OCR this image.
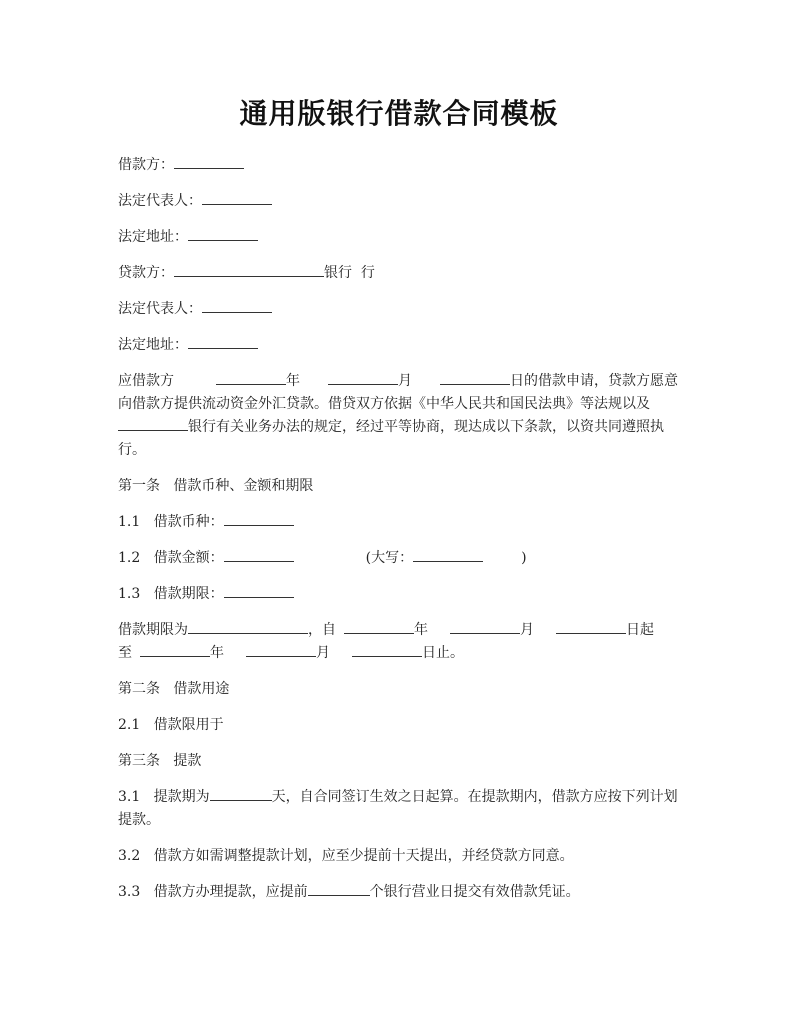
通用版银行借款合同模板
借款方：
法定代表人：
法定地址：
贷款方：	银行  行
法定代表人：
法定地址：
应借款方	年	月	日的借款申请，贷款方愿意向借款方提供流动资金外汇贷款。借贷双方依据《中华人民共和国民法典》等法规以及银行有关业务办法的规定，经过平等协商，现达成以下条款，以资共同遵照执行。
第一条   借款币种、金额和期限
1.1   借款币种：
1.2   借款金额：	(大写：	)
1.3   借款期限：
借款期限为	，自	年	月	日起
至	年	月	日止。
第二条   借款用途
2.1   借款限用于
第三条   提款
3.1   提款期为	天，自合同签订生效之日起算。在提款期内，借款方应按下列计划提款。
3.2   借款方如需调整提款计划，应至少提前十天提出，并经贷款方同意。
3.3   借款方办理提款，应提前	个银行营业日提交有效借款凭证。
